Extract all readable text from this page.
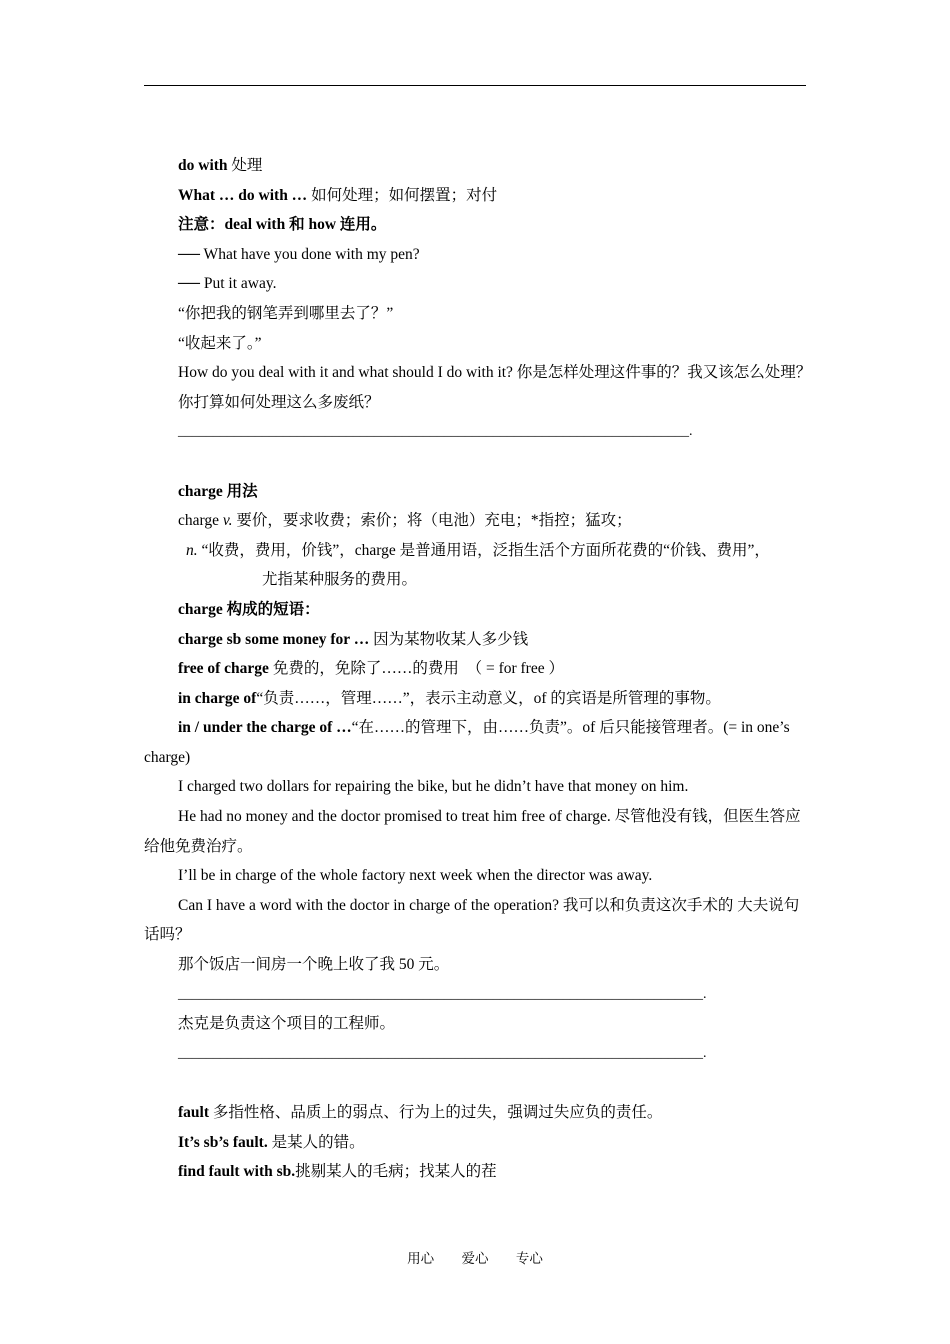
do with 处理

What … do with … 如何处理；如何摆置；对付

注意：deal with 和 how 连用。

── What have you done with my pen?

── Put it away.

“你把我的钢笔弄到哪里去了？”

“收起来了。”

How do you deal with it and what should I do with it? 你是怎样处理这件事的？我又该怎么处理？

你打算如何处理这么多废纸？

_________________________________________________________________________.

charge 用法

charge v. 要价，要求收费；索价；将（电池）充电；*指控；猛攻；

n. “收费，费用，价钱”，charge 是普通用语，泛指生活个方面所花费的“价钱、费用”，

尤指某种服务的费用。

charge 构成的短语：

charge sb some money for … 因为某物收某人多少钱

free of charge 免费的，免除了……的费用　（ = for free ）

in charge of“负责……，管理……”，表示主动意义，of 的宾语是所管理的事物。

in / under the charge of …“在……的管理下，由……负责”。of 后只能接管理者。(= in one’s charge)

I charged two dollars for repairing the bike, but he didn’t have that money on him.

He had no money and the doctor promised to treat him free of charge. 尽管他没有钱，但医生答应给他免费治疗。

I’ll be in charge of the whole factory next week when the director was away.

Can I have a word with the doctor in charge of the operation? 我可以和负责这次手术的 大夫说句话吗？

那个饭店一间房一个晚上收了我 50 元。

___________________________________________________________________________.

杰克是负责这个项目的工程师。

___________________________________________________________________________.

fault 多指性格、品质上的弱点、行为上的过失，强调过失应负的责任。

It’s sb’s fault. 是某人的错。

find fault with sb.挑剔某人的毛病；找某人的茬

用心 爱心 专心
